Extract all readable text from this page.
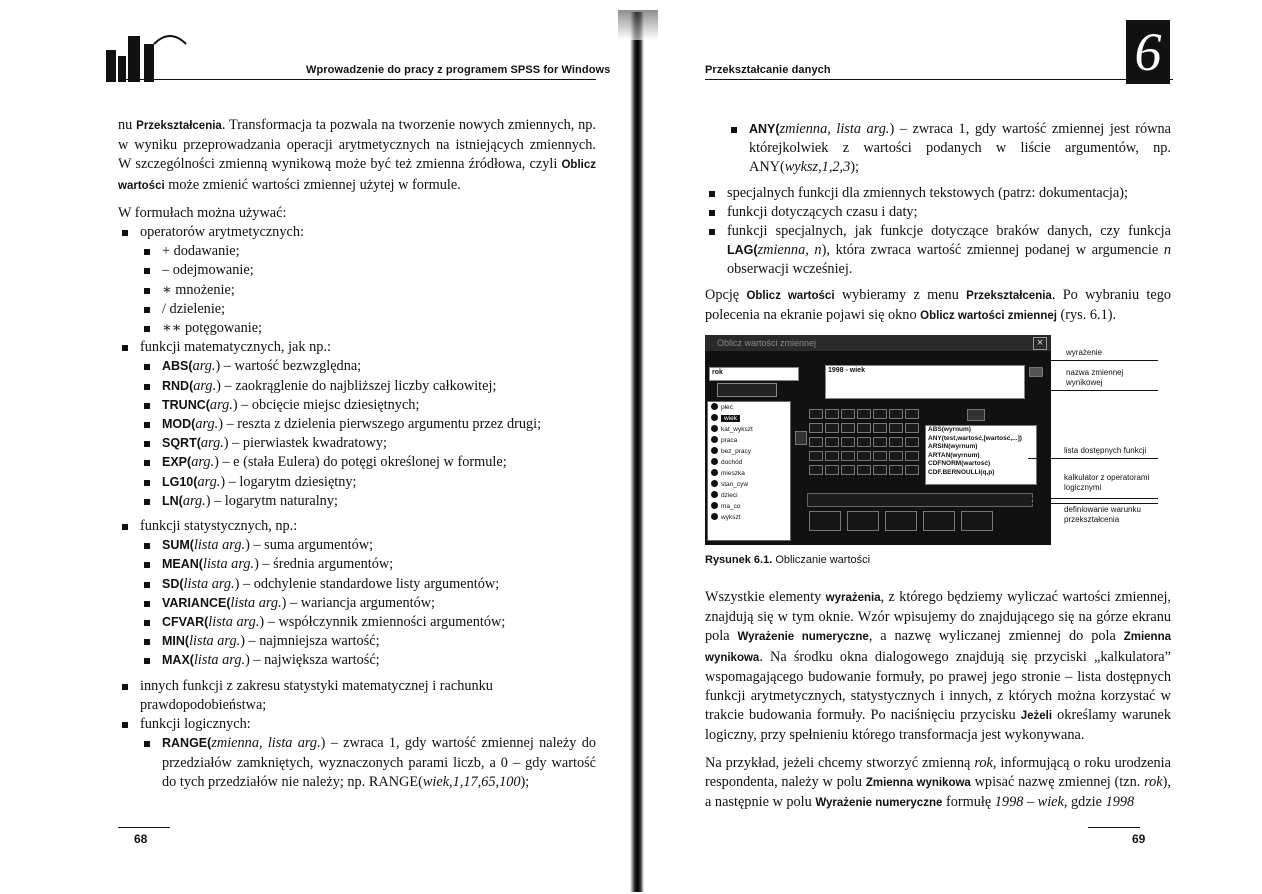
Wprowadzenie do pracy z programem SPSS for Windows

nu Przekształcenia. Transformacja ta pozwala na tworzenie nowych zmiennych, np. w wyniku przeprowadzania operacji arytmetycznych na istniejących zmiennych. W szczególności zmienną wynikową może być też zmienna źródłowa, czyli Oblicz wartości może zmienić wartości zmiennej użytej w formule.

W formułach można używać:

operatorów arytmetycznych:
+ dodawanie;
– odejmowanie;
∗ mnożenie;
/ dzielenie;
∗∗ potęgowanie;
funkcji matematycznych, jak np.:
ABS(arg.) – wartość bezwzględna;
RND(arg.) – zaokrąglenie do najbliższej liczby całkowitej;
TRUNC(arg.) – obcięcie miejsc dziesiętnych;
MOD(arg.) – reszta z dzielenia pierwszego argumentu przez drugi;
SQRT(arg.) – pierwiastek kwadratowy;
EXP(arg.) – e (stała Eulera) do potęgi określonej w formule;
LG10(arg.) – logarytm dziesiętny;
LN(arg.) – logarytm naturalny;
funkcji statystycznych, np.:
SUM(lista arg.) – suma argumentów;
MEAN(lista arg.) – średnia argumentów;
SD(lista arg.) – odchylenie standardowe listy argumentów;
VARIANCE(lista arg.) – wariancja argumentów;
CFVAR(lista arg.) – współczynnik zmienności argumentów;
MIN(lista arg.) – najmniejsza wartość;
MAX(lista arg.) – największa wartość;
innych funkcji z zakresu statystyki matematycznej i rachunku prawdopodobieństwa;
funkcji logicznych:
RANGE(zmienna, lista arg.) – zwraca 1, gdy wartość zmiennej należy do przedziałów zamkniętych, wyznaczonych parami liczb, a 0 – gdy wartość do tych przedziałów nie należy; np. RANGE(wiek,1,17,65,100);
68
Przekształcanie danych	6
ANY(zmienna, lista arg.) – zwraca 1, gdy wartość zmiennej jest równa którejkolwiek z wartości podanych w liście argumentów, np. ANY(wyksz,1,2,3);
specjalnych funkcji dla zmiennych tekstowych (patrz: dokumentacja);
funkcji dotyczących czasu i daty;
funkcji specjalnych, jak funkcje dotyczące braków danych, czy funkcja LAG(zmienna, n), która zwraca wartość zmiennej podanej w argumencie n obserwacji wcześniej.

Opcję Oblicz wartości wybieramy z menu Przekształcenia. Po wybraniu tego polecenia na ekranie pojawi się okno Oblicz wartości zmiennej (rys. 6.1).

Oblicz wartości zmiennej	×
rok	1998 - wiek
płeć
wiek
kat_wykszt
praca
bez_pracy
dochód
mieszka
stan_cyw
dzieci
ma_co
wykszt
ABS(wyrnum)
ANY(test,wartość,[wartość,...])
ARSIN(wyrnum)
ARTAN(wyrnum)
CDFNORM(wartość)
CDF.BERNOULLI(q,p)
wyrażenie
nazwa zmiennej wynikowej
lista dostępnych funkcji
kalkulator z operatorami logicznymi
definiowanie warunku przekształcenia
Rysunek 6.1. Obliczanie wartości

Wszystkie elementy wyrażenia, z którego będziemy wyliczać wartości zmiennej, znajdują się w tym oknie. Wzór wpisujemy do znajdującego się na górze ekranu pola Wyrażenie numeryczne, a nazwę wyliczanej zmiennej do pola Zmienna wynikowa. Na środku okna dialogowego znajdują się przyciski „kalkulatora” wspomagającego budowanie formuły, po prawej jego stronie – lista dostępnych funkcji arytmetycznych, statystycznych i innych, z których można korzystać w trakcie budowania formuły. Po naciśnięciu przycisku Jeżeli określamy warunek logiczny, przy spełnieniu którego transformacja jest wykonywana.

Na przykład, jeżeli chcemy stworzyć zmienną rok, informującą o roku urodzenia respondenta, należy w polu Zmienna wynikowa wpisać nazwę zmiennej (tzn. rok), a następnie w polu Wyrażenie numeryczne formułę 1998 – wiek, gdzie 1998

69
